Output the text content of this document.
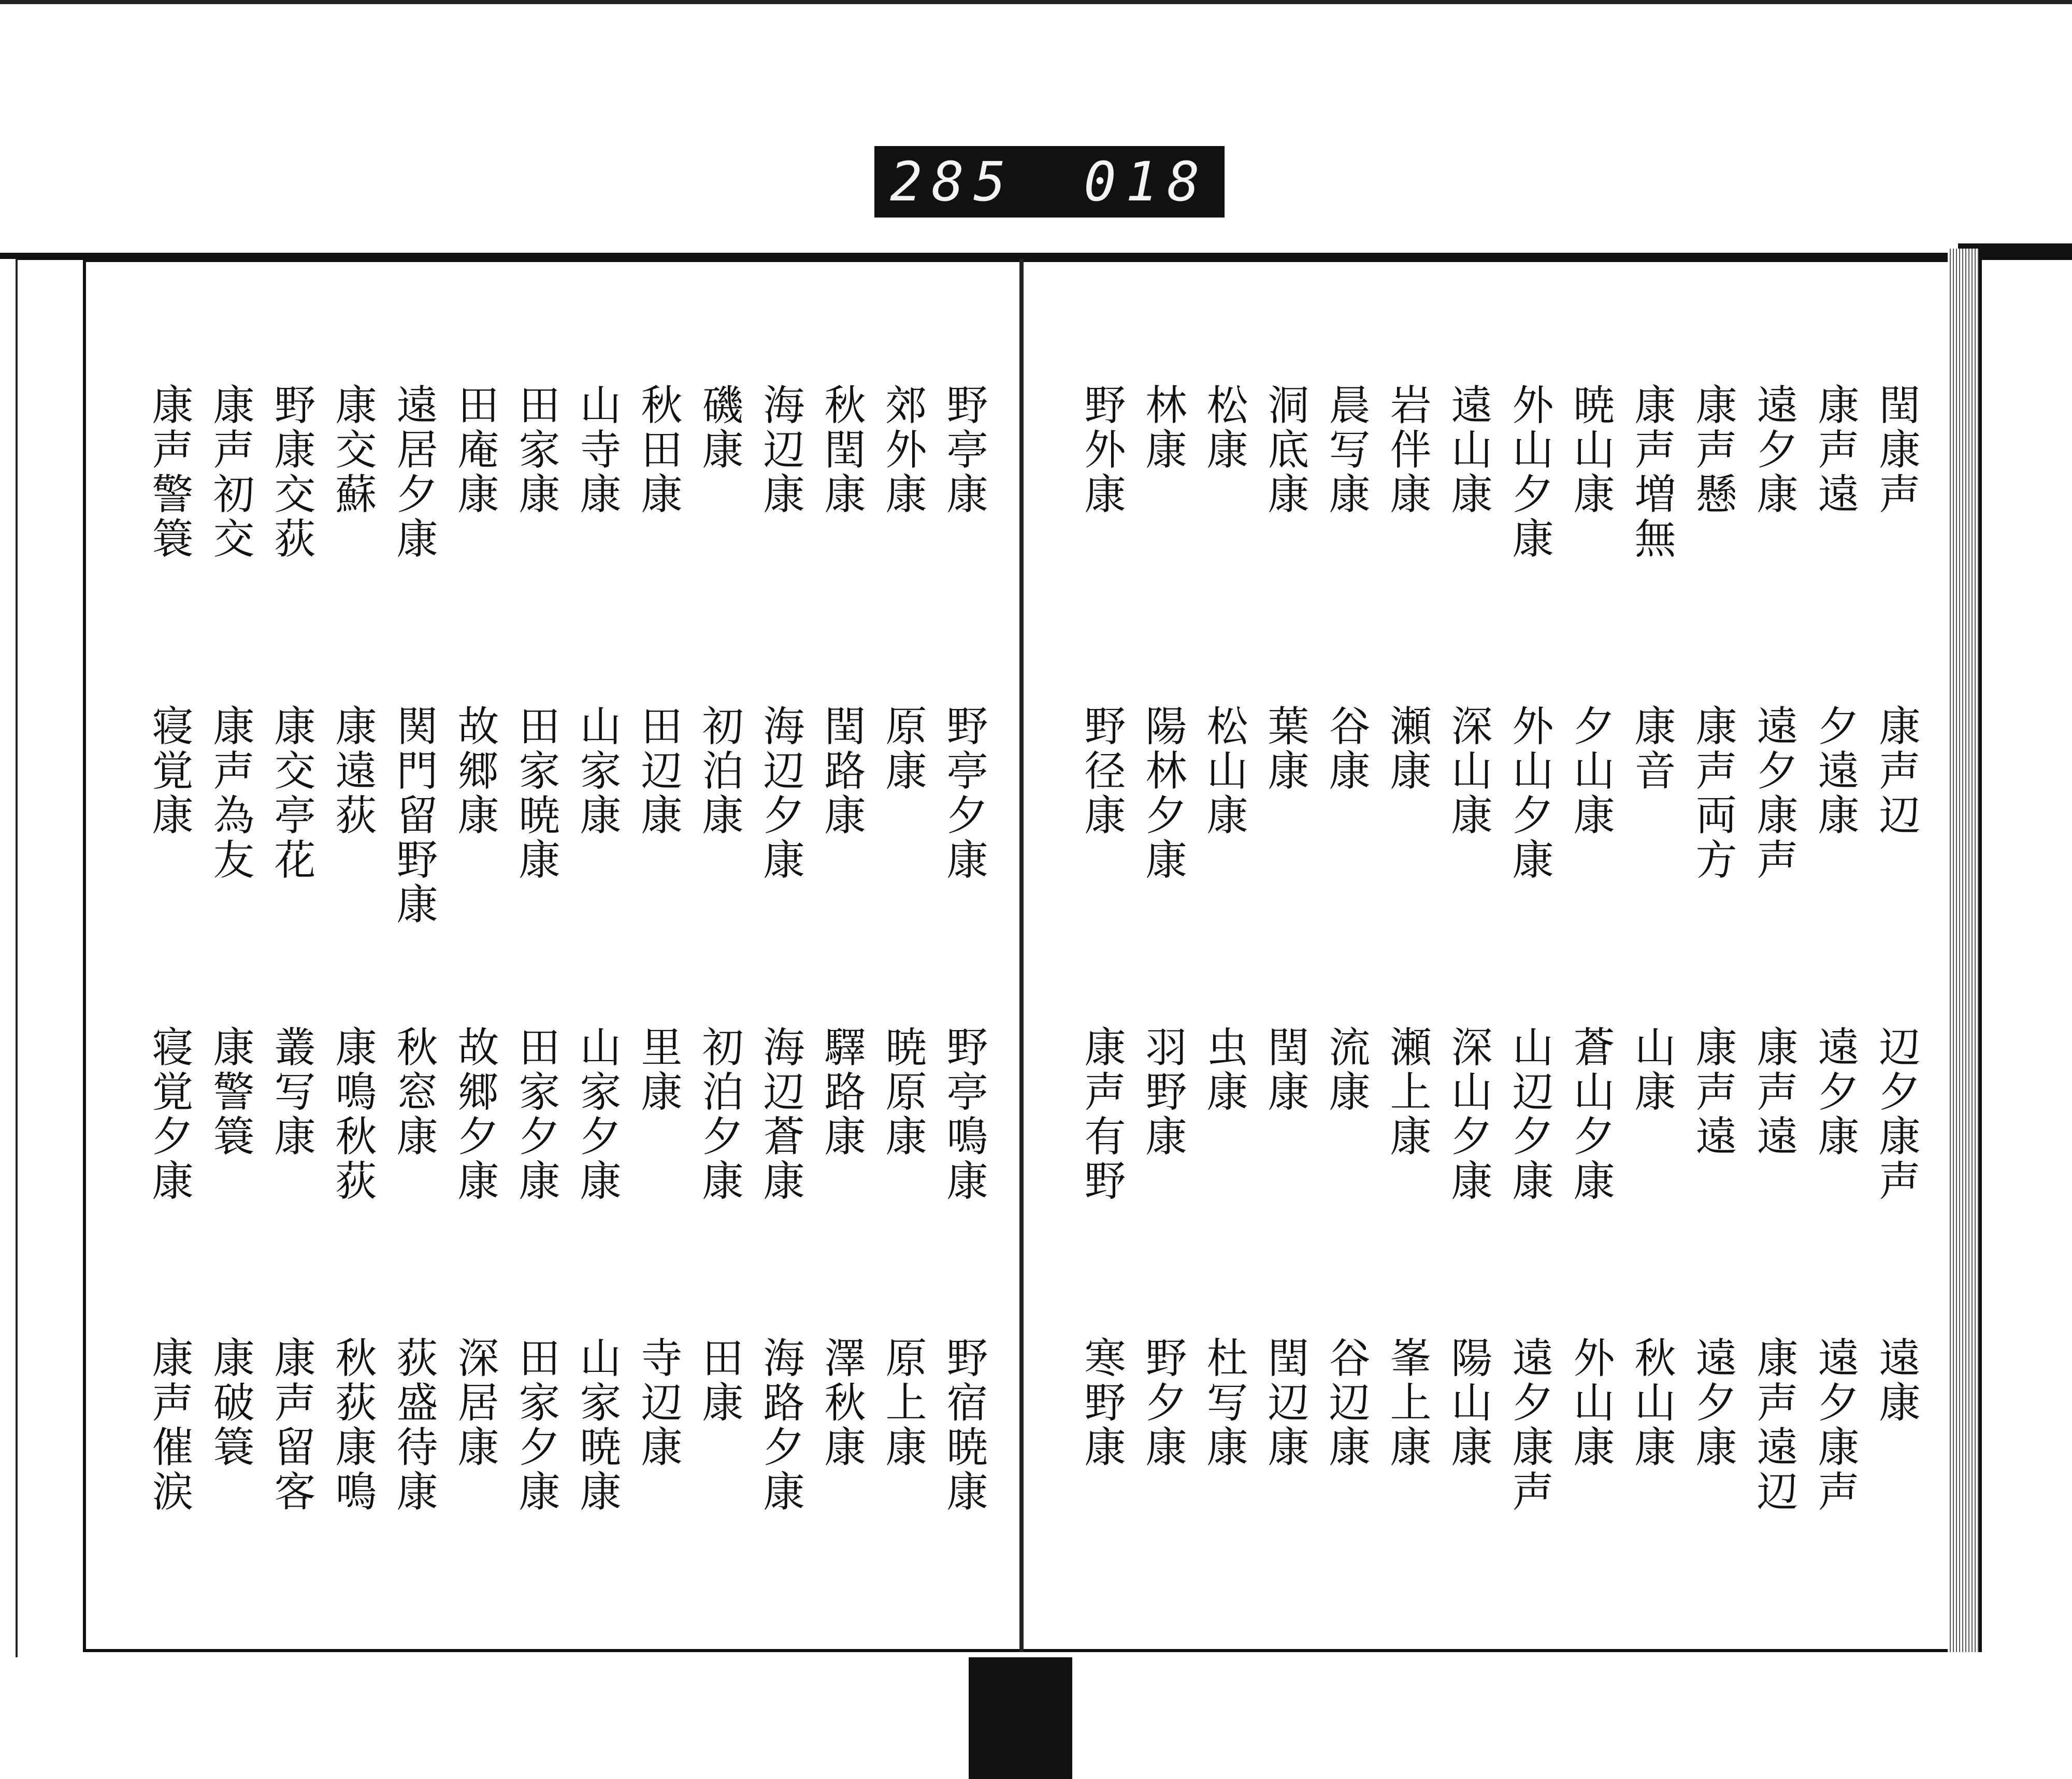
285 018
閏康声
康声遠
遠夕康
康声懸
康声増無
暁山康
外山夕康
遠山康
岩伴康
晨写康
洞底康
松康
林康
野外康
康声辺
夕遠康
遠夕康声
康声両方
康音
夕山康
外山夕康
深山康
瀬康
谷康
葉康
松山康
陽林夕康
野径康
辺夕康声
遠夕康
康声遠
康声遠
山康
蒼山夕康
山辺夕康
深山夕康
瀬上康
流康
閏康
虫康
羽野康
康声有野
遠康
遠夕康声
康声遠辺
遠夕康
秋山康
外山康
遠夕康声
陽山康
峯上康
谷辺康
閏辺康
杜写康
野夕康
寒野康
野亭康
郊外康
秋閏康
海辺康
磯康
秋田康
山寺康
田家康
田庵康
遠居夕康
康交蘇
野康交荻
康声初交
康声警簑
野亭夕康
原康
閏路康
海辺夕康
初泊康
田辺康
山家康
田家暁康
故郷康
関門留野康
康遠荻
康交亭花
康声為友
寝覚康
野亭鳴康
暁原康
驛路康
海辺蒼康
初泊夕康
里康
山家夕康
田家夕康
故郷夕康
秋窓康
康鳴秋荻
叢写康
康警簑
寝覚夕康
野宿暁康
原上康
澤秋康
海路夕康
田康
寺辺康
山家暁康
田家夕康
深居康
荻盛待康
秋荻康鳴
康声留客
康破簑
康声催涙
